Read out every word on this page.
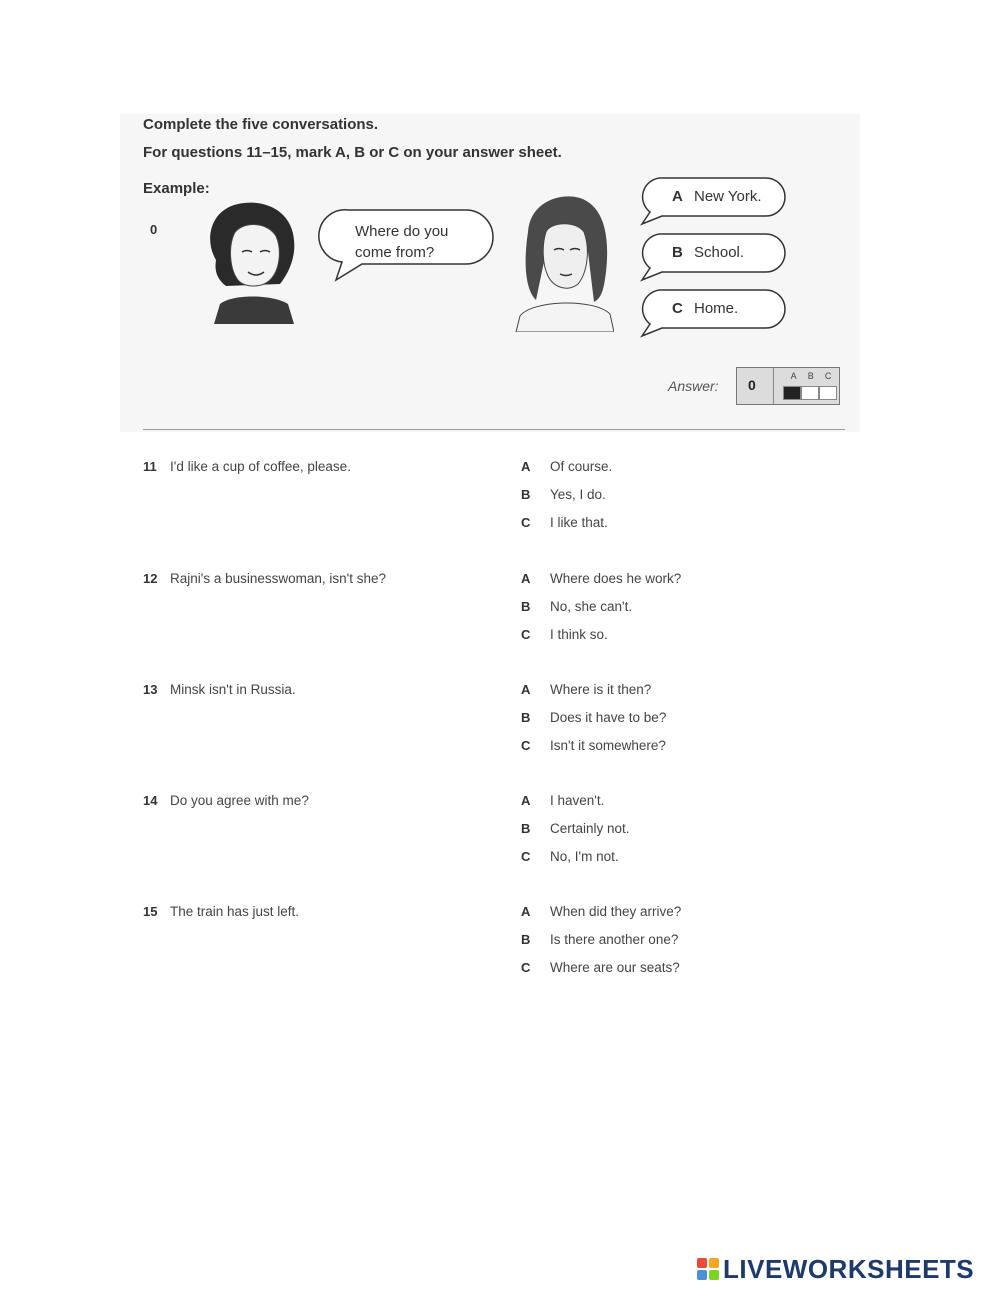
Complete the five conversations.
For questions 11–15, mark A, B or C on your answer sheet.
Example:
0	Where do you
come from?
A New York.
B School.
C Home.
Answer: 0
A B C
11 I'd like a cup of coffee, please.	A Of course.
B Yes, I do.
C I like that.
12 Rajni's a businesswoman, isn't she?	A Where does he work?
B No, she can't.
C I think so.
13 Minsk isn't in Russia.	A Where is it then?
B Does it have to be?
C Isn't it somewhere?
14 Do you agree with me?	A I haven't.
B Certainly not.
C No, I'm not.
15 The train has just left.	A When did they arrive?
B Is there another one?
C Where are our seats?
LIVEWORKSHEETS
